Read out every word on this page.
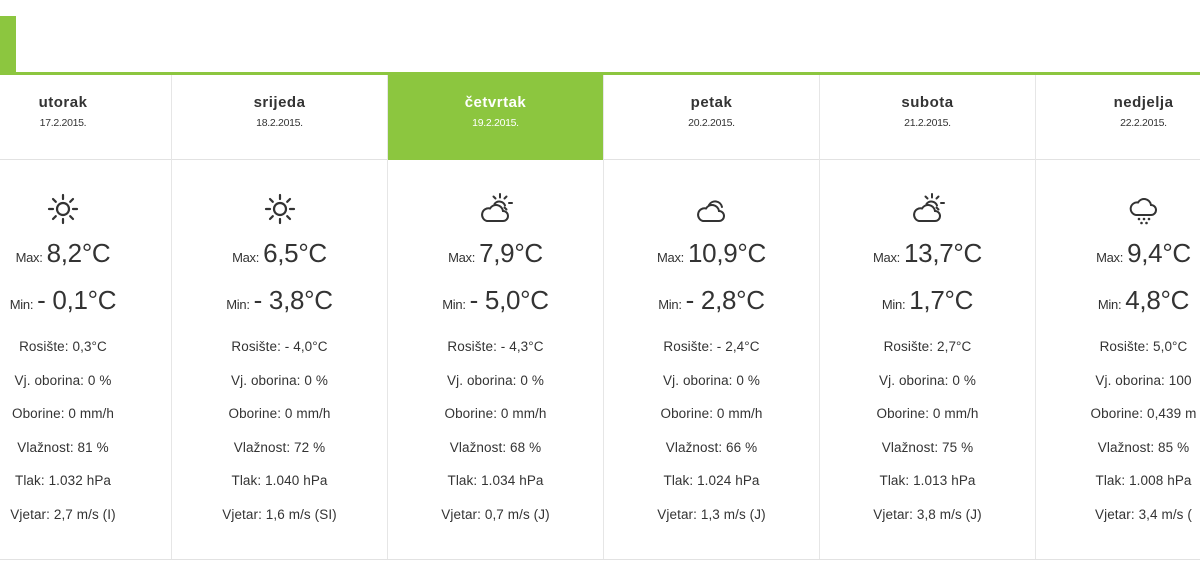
utorak
17.2.2015.
Max: 8,2°C
Min: - 0,1°C
Rosište: 0,3°C
Vj. oborina: 0 %
Oborine: 0 mm/h
Vlažnost: 81 %
Tlak: 1.032 hPa
Vjetar: 2,7 m/s (I)
srijeda
18.2.2015.
Max: 6,5°C
Min: - 3,8°C
Rosište: - 4,0°C
Vj. oborina: 0 %
Oborine: 0 mm/h
Vlažnost: 72 %
Tlak: 1.040 hPa
Vjetar: 1,6 m/s (SI)
četvrtak
19.2.2015.
Max: 7,9°C
Min: - 5,0°C
Rosište: - 4,3°C
Vj. oborina: 0 %
Oborine: 0 mm/h
Vlažnost: 68 %
Tlak: 1.034 hPa
Vjetar: 0,7 m/s (J)
petak
20.2.2015.
Max: 10,9°C
Min: - 2,8°C
Rosište: - 2,4°C
Vj. oborina: 0 %
Oborine: 0 mm/h
Vlažnost: 66 %
Tlak: 1.024 hPa
Vjetar: 1,3 m/s (J)
subota
21.2.2015.
Max: 13,7°C
Min: 1,7°C
Rosište: 2,7°C
Vj. oborina: 0 %
Oborine: 0 mm/h
Vlažnost: 75 %
Tlak: 1.013 hPa
Vjetar: 3,8 m/s (J)
nedjelja
22.2.2015.
Max: 9,4°C
Min: 4,8°C
Rosište: 5,0°C
Vj. oborina: 100
Oborine: 0,439 m
Vlažnost: 85 %
Tlak: 1.008 hPa
Vjetar: 3,4 m/s (
